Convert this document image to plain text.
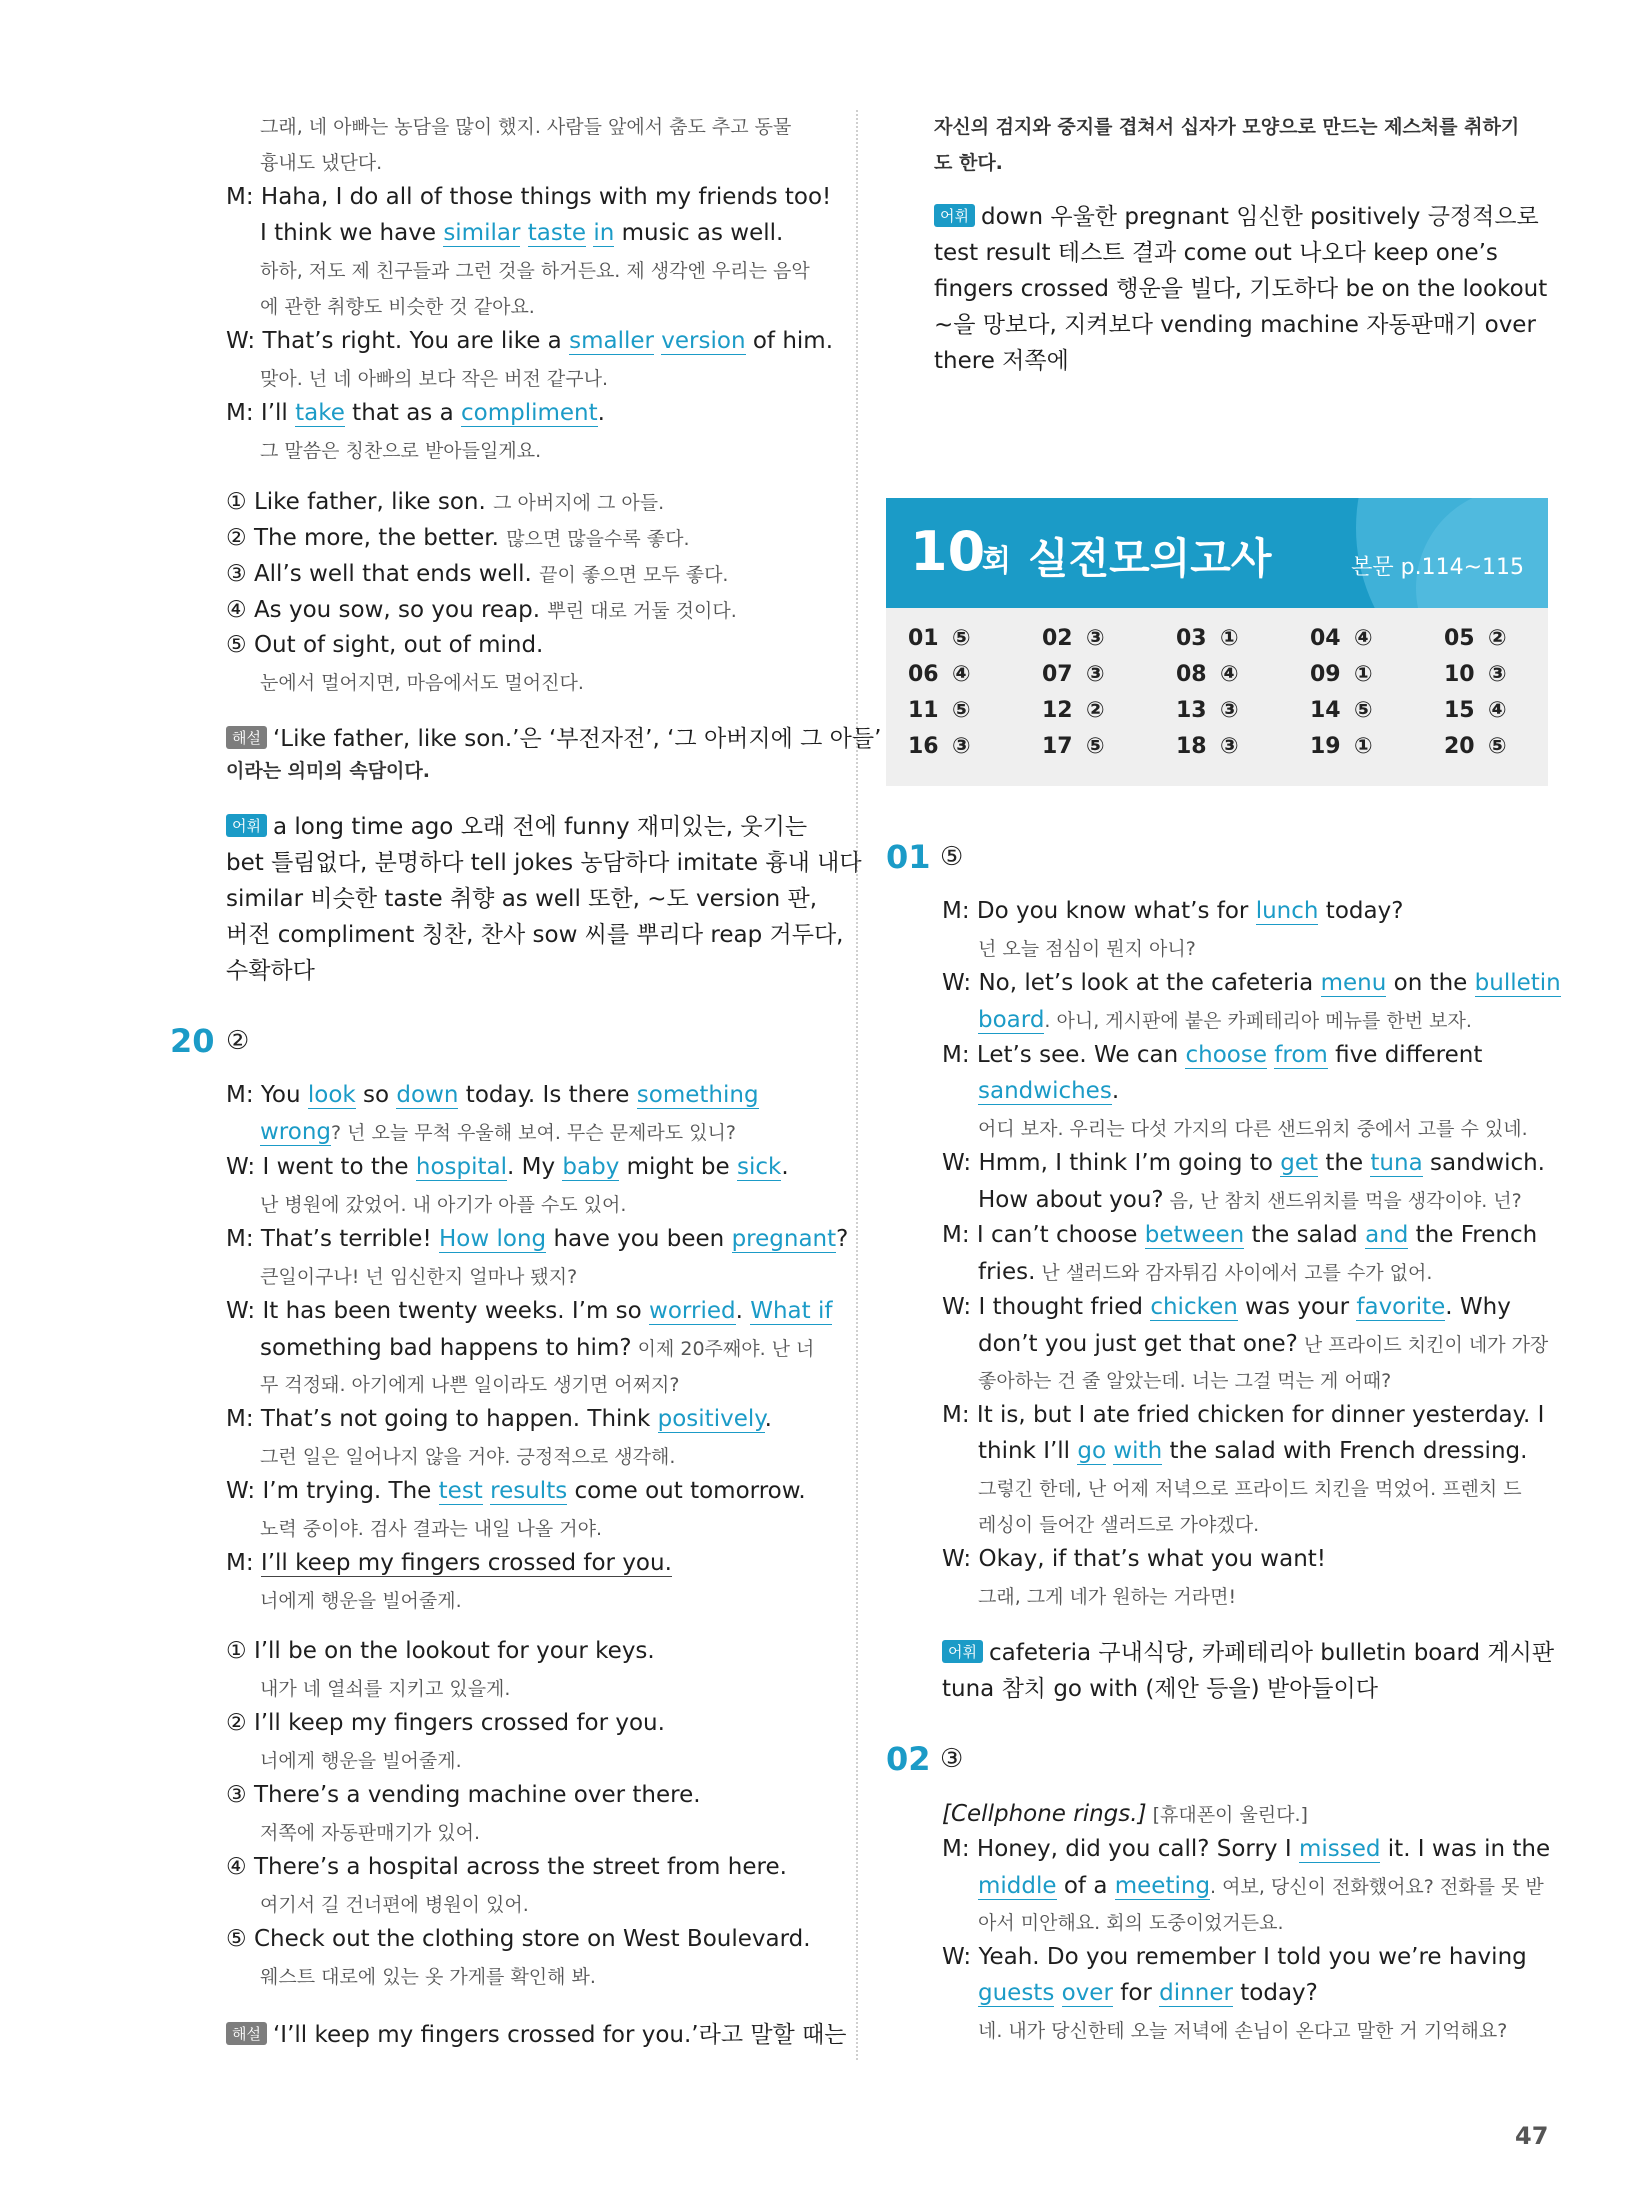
그래, 네 아빠는 농담을 많이 했지. 사람들 앞에서 춤도 추고 동물
흉내도 냈단다.
M: Haha, I do all of those things with my friends too!
I think we have similar taste in music as well.
하하, 저도 제 친구들과 그런 것을 하거든요. 제 생각엔 우리는 음악
에 관한 취향도 비슷한 것 같아요.
W: That’s right. You are like a smaller version of him.
맞아. 넌 네 아빠의 보다 작은 버전 같구나.
M: I’ll take that as a compliment.
그 말씀은 칭찬으로 받아들일게요.
① Like father, like son. 그 아버지에 그 아들.
② The more, the better. 많으면 많을수록 좋다.
③ All’s well that ends well. 끝이 좋으면 모두 좋다.
④ As you sow, so you reap. 뿌린 대로 거둘 것이다.
⑤ Out of sight, out of mind.
눈에서 멀어지면, 마음에서도 멀어진다.
해설 ‘Like father, like son.’은 ‘부전자전’, ‘그 아버지에 그 아들’
이라는 의미의 속담이다.
어휘 a long time ago 오래 전에 funny 재미있는, 웃기는
bet 틀림없다, 분명하다 tell jokes 농담하다 imitate 흉내 내다
similar 비슷한 taste 취향 as well 또한, ~도 version 판,
버전 compliment 칭찬, 찬사 sow 씨를 뿌리다 reap 거두다,
수확하다
20 ②
M: You look so down today. Is there something
wrong? 넌 오늘 무척 우울해 보여. 무슨 문제라도 있니?
W: I went to the hospital. My baby might be sick.
난 병원에 갔었어. 내 아기가 아플 수도 있어.
M: That’s terrible! How long have you been pregnant?
큰일이구나! 넌 임신한지 얼마나 됐지?
W: It has been twenty weeks. I’m so worried. What if
something bad happens to him? 이제 20주째야. 난 너
무 걱정돼. 아기에게 나쁜 일이라도 생기면 어쩌지?
M: That’s not going to happen. Think positively.
그런 일은 일어나지 않을 거야. 긍정적으로 생각해.
W: I’m trying. The test results come out tomorrow.
노력 중이야. 검사 결과는 내일 나올 거야.
M: I’ll keep my fingers crossed for you.
너에게 행운을 빌어줄게.
① I’ll be on the lookout for your keys.
내가 네 열쇠를 지키고 있을게.
② I’ll keep my fingers crossed for you.
너에게 행운을 빌어줄게.
③ There’s a vending machine over there.
저쪽에 자동판매기가 있어.
④ There’s a hospital across the street from here.
여기서 길 건너편에 병원이 있어.
⑤ Check out the clothing store on West Boulevard.
웨스트 대로에 있는 옷 가게를 확인해 봐.
해설 ‘I’ll keep my fingers crossed for you.’라고 말할 때는
자신의 검지와 중지를 겹쳐서 십자가 모양으로 만드는 제스처를 취하기
도 한다.
어휘 down 우울한 pregnant 임신한 positively 긍정적으로
test result 테스트 결과 come out 나오다 keep one’s
fingers crossed 행운을 빌다, 기도하다 be on the lookout
~을 망보다, 지켜보다 vending machine 자동판매기 over
there 저쪽에
10
회 실전모의고사	본문 p.114~115
01 ⑤	02 ③	03 ①	04 ④	05 ②
06 ④	07 ③	08 ④	09 ①	10 ③
11 ⑤	12 ②	13 ③	14 ⑤	15 ④
16 ③	17 ⑤	18 ③	19 ①	20 ⑤
01 ⑤
M: Do you know what’s for lunch today?
넌 오늘 점심이 뭔지 아니?
W: No, let’s look at the cafeteria menu on the bulletin
board. 아니, 게시판에 붙은 카페테리아 메뉴를 한번 보자.
M: Let’s see. We can choose from five different
sandwiches.
어디 보자. 우리는 다섯 가지의 다른 샌드위치 중에서 고를 수 있네.
W: Hmm, I think I’m going to get the tuna sandwich.
How about you? 음, 난 참치 샌드위치를 먹을 생각이야. 넌?
M: I can’t choose between the salad and the French
fries. 난 샐러드와 감자튀김 사이에서 고를 수가 없어.
W: I thought fried chicken was your favorite. Why
don’t you just get that one? 난 프라이드 치킨이 네가 가장
좋아하는 건 줄 알았는데. 너는 그걸 먹는 게 어때?
M: It is, but I ate fried chicken for dinner yesterday. I
think I’ll go with the salad with French dressing.
그렇긴 한데, 난 어제 저녁으로 프라이드 치킨을 먹었어. 프렌치 드
레싱이 들어간 샐러드로 가야겠다.
W: Okay, if that’s what you want!
그래, 그게 네가 원하는 거라면!
어휘 cafeteria 구내식당, 카페테리아 bulletin board 게시판
tuna 참치 go with (제안 등을) 받아들이다
02 ③
[Cellphone rings.] [휴대폰이 울린다.]
M: Honey, did you call? Sorry I missed it. I was in the
middle of a meeting. 여보, 당신이 전화했어요? 전화를 못 받
아서 미안해요. 회의 도중이었거든요.
W: Yeah. Do you remember I told you we’re having
guests over for dinner today?
네. 내가 당신한테 오늘 저녁에 손님이 온다고 말한 거 기억해요?
47
